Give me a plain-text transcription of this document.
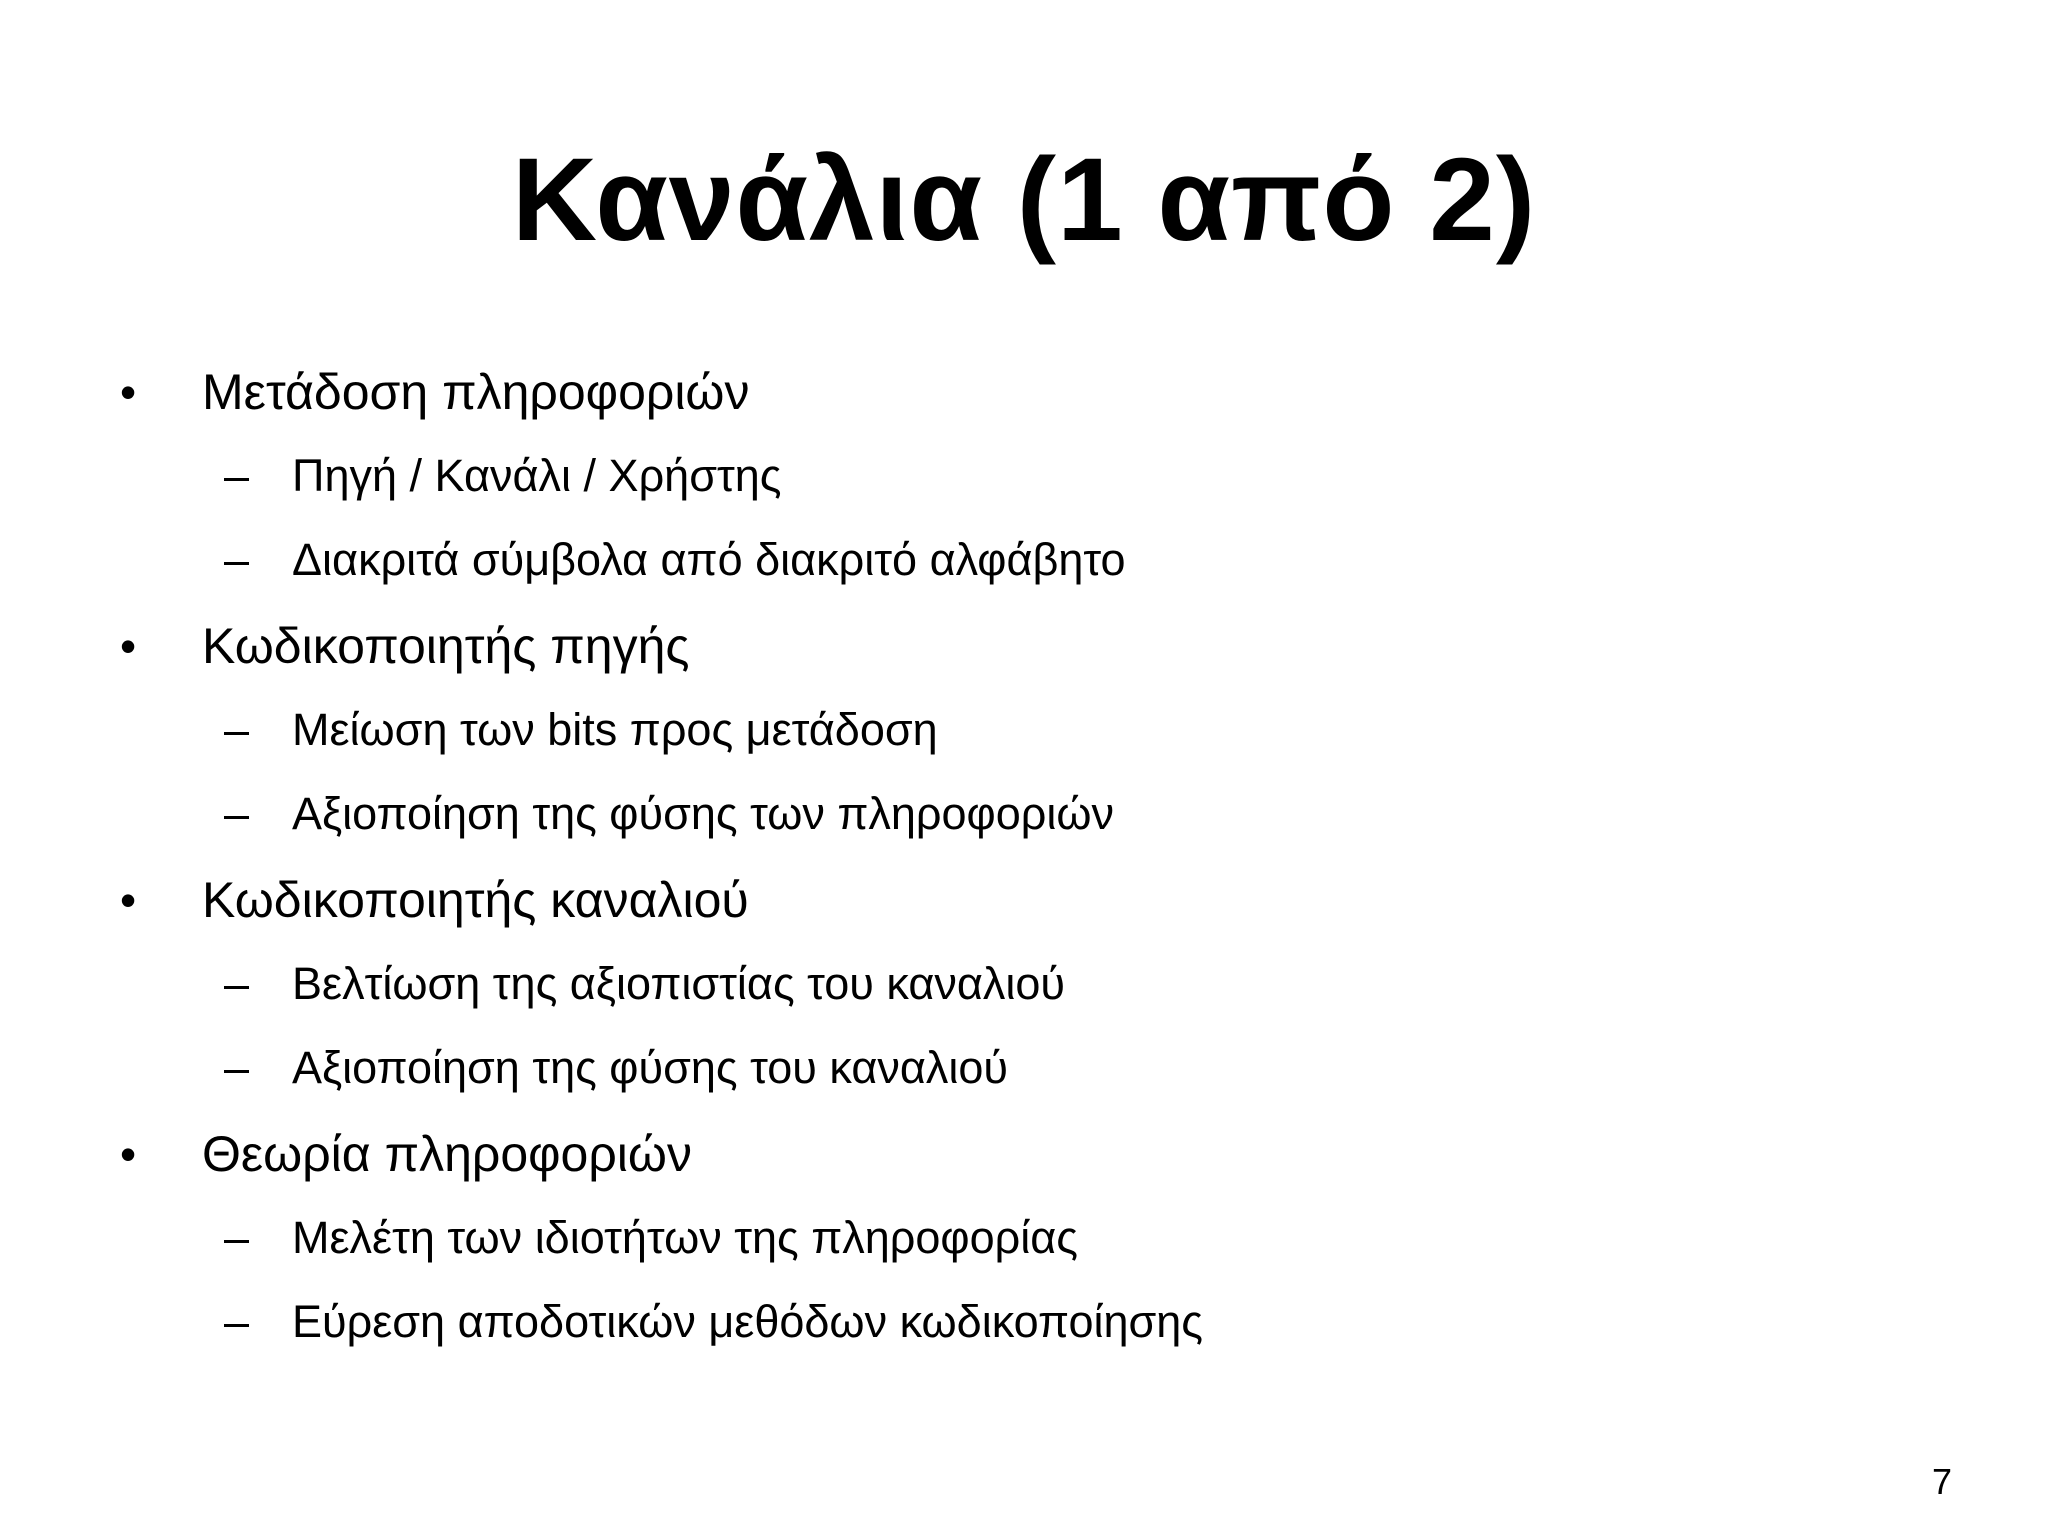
Κανάλια (1 από 2)
• Μετάδοση πληροφοριών
– Πηγή / Κανάλι / Χρήστης
– Διακριτά σύμβολα από διακριτό αλφάβητο
• Κωδικοποιητής πηγής
– Μείωση των bits προς μετάδοση
– Αξιοποίηση της φύσης των πληροφοριών
• Κωδικοποιητής καναλιού
– Βελτίωση της αξιοπιστίας του καναλιού
– Αξιοποίηση της φύσης του καναλιού
• Θεωρία πληροφοριών
– Μελέτη των ιδιοτήτων της πληροφορίας
– Εύρεση αποδοτικών μεθόδων κωδικοποίησης
7
